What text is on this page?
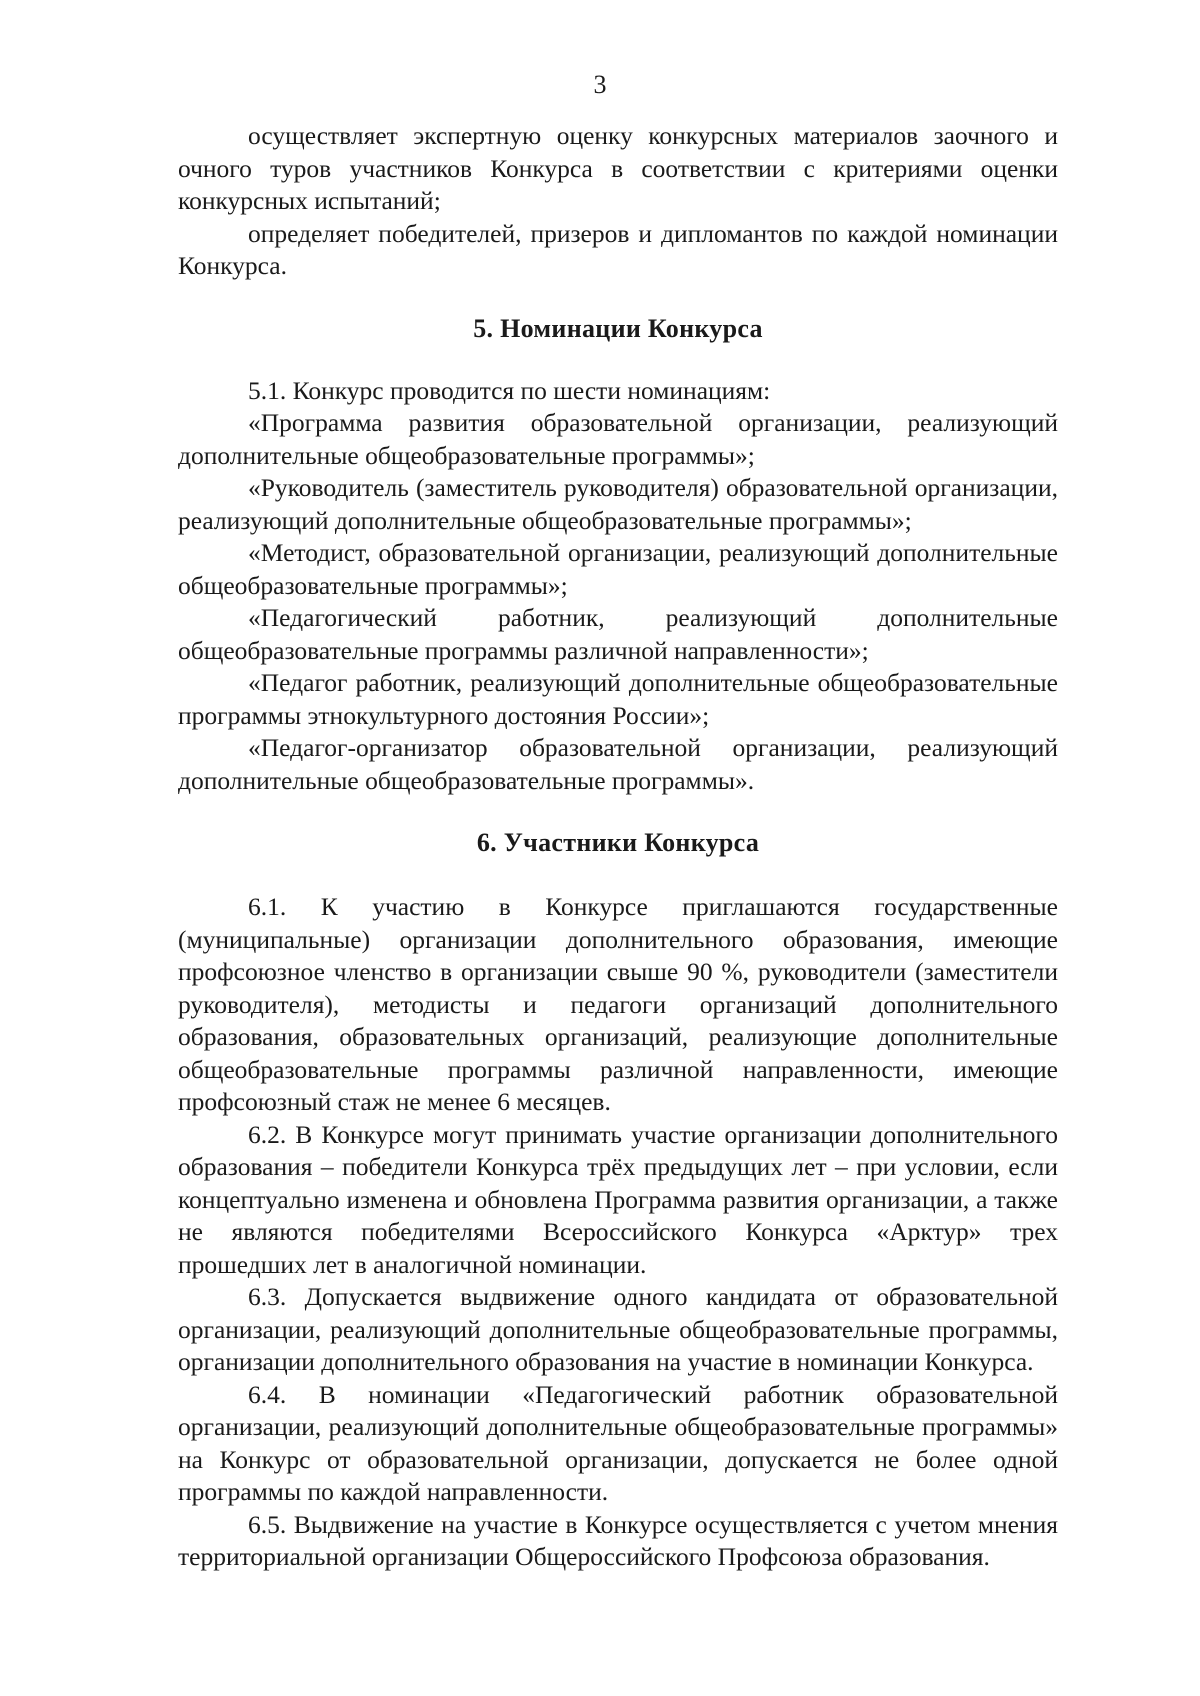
3

осуществляет экспертную оценку конкурсных материалов заочного и очного туров участников Конкурса в соответствии с критериями оценки конкурсных испытаний;

определяет победителей, призеров и дипломантов по каждой номинации Конкурса.

5. Номинации Конкурса

5.1. Конкурс проводится по шести номинациям:

«Программа развития образовательной организации, реализующий дополнительные общеобразовательные программы»;

«Руководитель (заместитель руководителя) образовательной организации, реализующий дополнительные общеобразовательные программы»;

«Методист, образовательной организации, реализующий дополнительные общеобразовательные программы»;

«Педагогический работник, реализующий дополнительные общеобразовательные программы различной направленности»;

«Педагог работник, реализующий дополнительные общеобразовательные программы этнокультурного достояния России»;

«Педагог-организатор образовательной организации, реализующий дополнительные общеобразовательные программы».

6. Участники Конкурса

6.1. К участию в Конкурсе приглашаются государственные (муниципальные) организации дополнительного образования, имеющие профсоюзное членство в организации свыше 90 %, руководители (заместители руководителя), методисты и педагоги организаций дополнительного образования, образовательных организаций, реализующие дополнительные общеобразовательные программы различной направленности, имеющие профсоюзный стаж не менее 6 месяцев.

6.2. В Конкурсе могут принимать участие организации дополнительного образования – победители Конкурса трёх предыдущих лет – при условии, если концептуально изменена и обновлена Программа развития организации, а также не являются победителями Всероссийского Конкурса «Арктур» трех прошедших лет в аналогичной номинации.

6.3. Допускается выдвижение одного кандидата от образовательной организации, реализующий дополнительные общеобразовательные программы, организации дополнительного образования на участие в номинации Конкурса.

6.4. В номинации «Педагогический работник образовательной организации, реализующий дополнительные общеобразовательные программы» на Конкурс от образовательной организации, допускается не более одной программы по каждой направленности.

6.5. Выдвижение на участие в Конкурсе осуществляется с учетом мнения территориальной организации Общероссийского Профсоюза образования.
